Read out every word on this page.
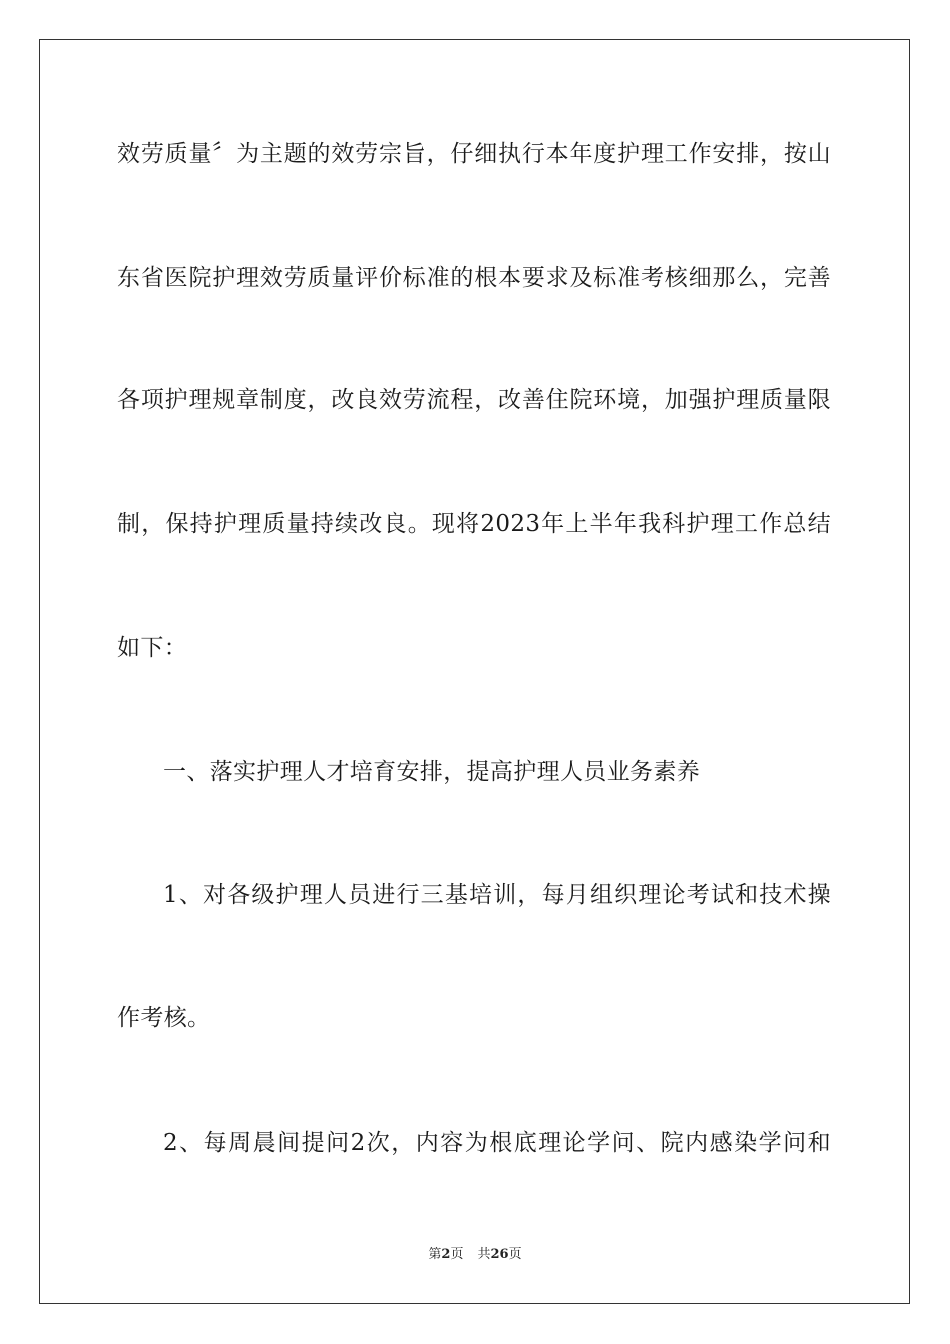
效劳质量〞为主题的效劳宗旨，仔细执行本年度护理工作安排，按山
东省医院护理效劳质量评价标准的根本要求及标准考核细那么，完善
各项护理规章制度，改良效劳流程，改善住院环境，加强护理质量限
制，保持护理质量持续改良。现将2023年上半年我科护理工作总结
如下：
一、落实护理人才培育安排，提高护理人员业务素养
1、对各级护理人员进行三基培训，每月组织理论考试和技术操
作考核。
2、每周晨间提问2次，内容为根底理论学问、院内感染学问和
第2页 共26页
